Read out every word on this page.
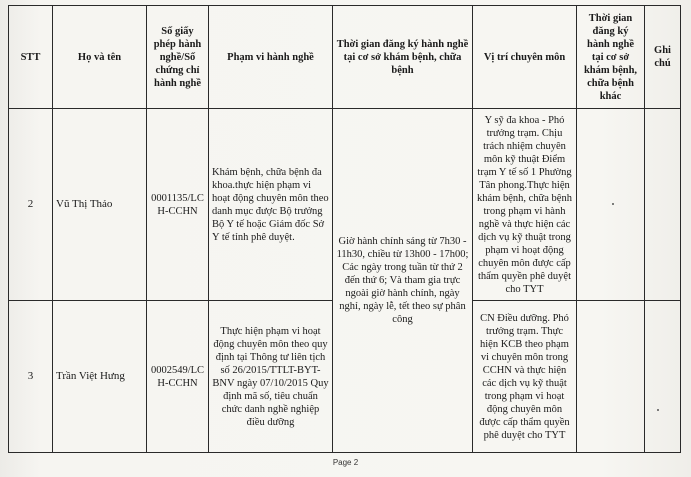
STT	Họ và tên	Số giấy phép hành nghề/Số chứng chỉ hành nghề	Phạm vi hành nghề	Thời gian đăng ký hành nghề tại cơ sở khám bệnh, chữa bệnh	Vị trí chuyên môn	Thời gian đăng ký hành nghề tại cơ sở khám bệnh, chữa bệnh khác	Ghi chú
2	Vũ Thị Thảo	0001135/LC H-CCHN	Khám bệnh, chữa bệnh đa khoa.thực hiện phạm vi hoạt động chuyên môn theo danh mục được Bộ trưởng Bộ Y tế hoặc Giám đốc Sở Y tế tỉnh phê duyệt.	Giờ hành chính sáng từ 7h30 - 11h30, chiều từ 13h00 - 17h00; Các ngày trong tuần từ thứ 2 đến thứ 6; Và tham gia trực ngoài giờ hành chính, ngày nghỉ, ngày lễ, tết theo sự phân công	Y sỹ đa khoa - Phó trưởng trạm. Chịu trách nhiệm chuyên môn kỹ thuật Điểm trạm Y tế số 1 Phường Tân phong.Thực hiện khám bệnh, chữa bệnh trong phạm vi hành nghề và thực hiện các dịch vụ kỹ thuật trong phạm vi hoạt động chuyên môn được cấp thẩm quyền phê duyệt cho TYT		
3	Trần Việt Hưng	0002549/LC H-CCHN	Thực hiện phạm vi hoạt động chuyên môn theo quy định tại Thông tư liên tịch số 26/2015/TTLT-BYT-BNV ngày 07/10/2015 Quy định mã số, tiêu chuẩn chức danh nghề nghiệp điều dưỡng		CN Điều dưỡng. Phó trưởng trạm. Thực hiện KCB theo phạm vi chuyên môn trong CCHN và thực hiện các dịch vụ kỹ thuật trong phạm vi hoạt động chuyên môn được cấp thẩm quyền phê duyệt cho TYT		
Page 2
